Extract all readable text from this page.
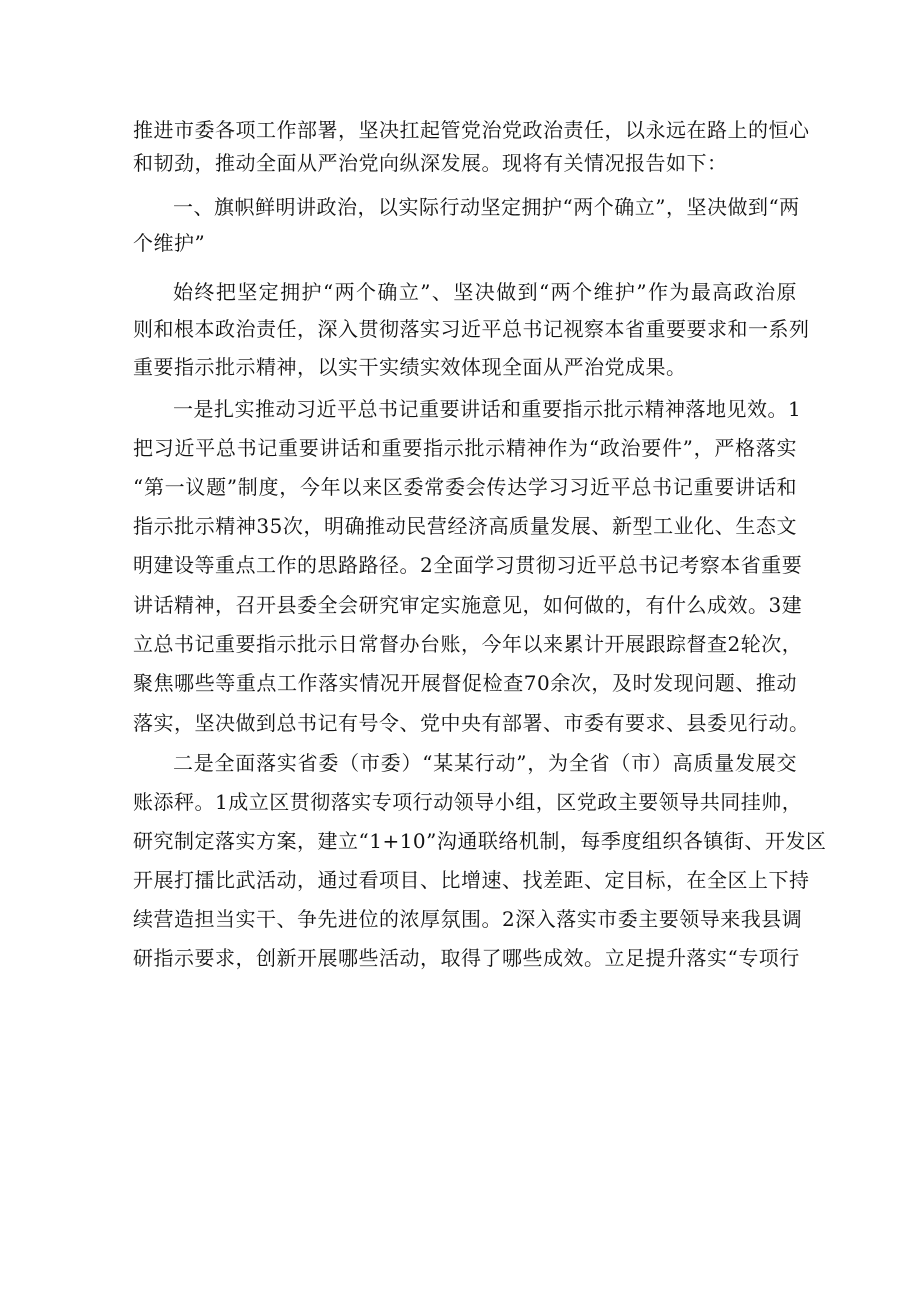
推进市委各项工作部署，坚决扛起管党治党政治责任，以永远在路上的恒心
和韧劲，推动全面从严治党向纵深发展。现将有关情况报告如下：
一、旗帜鲜明讲政治，以实际行动坚定拥护“两个确立”，坚决做到“两
个维护”
始终把坚定拥护“两个确立”、坚决做到“两个维护”作为最高政治原
则和根本政治责任，深入贯彻落实习近平总书记视察本省重要要求和一系列
重要指示批示精神，以实干实绩实效体现全面从严治党成果。
一是扎实推动习近平总书记重要讲话和重要指示批示精神落地见效。1
把习近平总书记重要讲话和重要指示批示精神作为“政治要件”，严格落实
“第一议题”制度，今年以来区委常委会传达学习习近平总书记重要讲话和
指示批示精神35次，明确推动民营经济高质量发展、新型工业化、生态文
明建设等重点工作的思路路径。2全面学习贯彻习近平总书记考察本省重要
讲话精神，召开县委全会研究审定实施意见，如何做的，有什么成效。3建
立总书记重要指示批示日常督办台账，今年以来累计开展跟踪督查2轮次，
聚焦哪些等重点工作落实情况开展督促检查70余次，及时发现问题、推动
落实，坚决做到总书记有号令、党中央有部署、市委有要求、县委见行动。
二是全面落实省委（市委）“某某行动”，为全省（市）高质量发展交
账添秤。1成立区贯彻落实专项行动领导小组，区党政主要领导共同挂帅，
研究制定落实方案，建立“1+10”沟通联络机制，每季度组织各镇街、开发区
开展打擂比武活动，通过看项目、比增速、找差距、定目标，在全区上下持
续营造担当实干、争先进位的浓厚氛围。2深入落实市委主要领导来我县调
研指示要求，创新开展哪些活动，取得了哪些成效。立足提升落实“专项行
